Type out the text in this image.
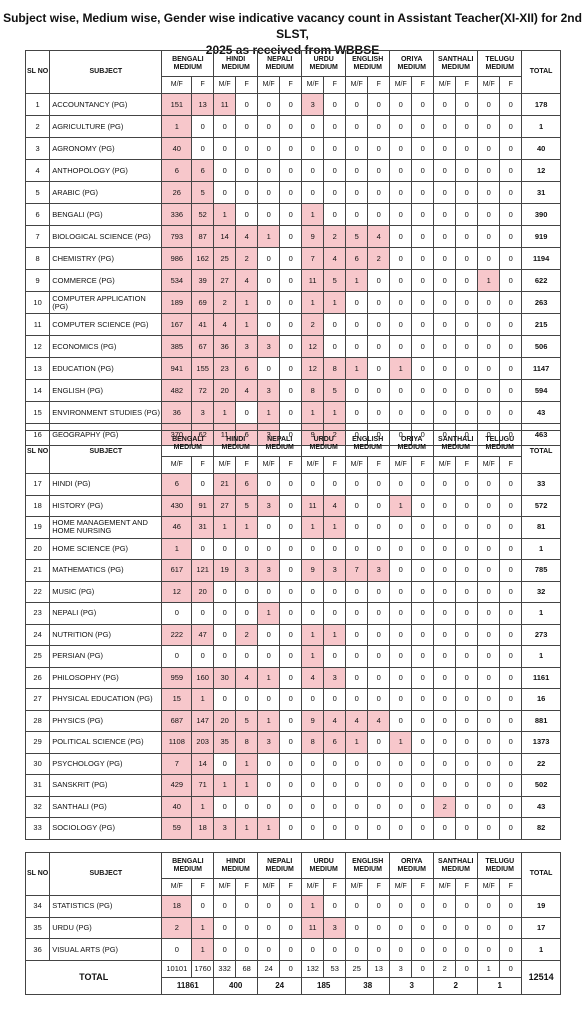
Subject wise, Medium wise, Gender wise indicative vacancy count in Assistant Teacher(XI-XII) for 2nd SLST,
2025 as received from WBBSE
SL NO	SUBJECT	BENGALI MEDIUM		HINDI MEDIUM		NEPALI MEDIUM		URDU MEDIUM		ENGLISH MEDIUM		ORIYA MEDIUM		SANTHALI MEDIUM		TELUGU MEDIUM		TOTAL
		M/F	F	M/F	F	M/F	F	M/F	F	M/F	F	M/F	F	M/F	F	M/F	F	
1	ACCOUNTANCY (PG)	151	13	11	0	0	0	3	0	0	0	0	0	0	0	0	0	178
2	AGRICULTURE (PG)	1	0	0	0	0	0	0	0	0	0	0	0	0	0	0	0	1
3	AGRONOMY (PG)	40	0	0	0	0	0	0	0	0	0	0	0	0	0	0	0	40
4	ANTHOPOLOGY (PG)	6	6	0	0	0	0	0	0	0	0	0	0	0	0	0	0	12
5	ARABIC (PG)	26	5	0	0	0	0	0	0	0	0	0	0	0	0	0	0	31
6	BENGALI (PG)	336	52	1	0	0	0	1	0	0	0	0	0	0	0	0	0	390
7	BIOLOGICAL SCIENCE (PG)	793	87	14	4	1	0	9	2	5	4	0	0	0	0	0	0	919
8	CHEMISTRY (PG)	986	162	25	2	0	0	7	4	6	2	0	0	0	0	0	0	1194
9	COMMERCE (PG)	534	39	27	4	0	0	11	5	1	0	0	0	0	0	1	0	622
10	COMPUTER APPLICATION (PG)	189	69	2	1	0	0	1	1	0	0	0	0	0	0	0	0	263
11	COMPUTER SCIENCE (PG)	167	41	4	1	0	0	2	0	0	0	0	0	0	0	0	0	215
12	ECONOMICS (PG)	385	67	36	3	3	0	12	0	0	0	0	0	0	0	0	0	506
13	EDUCATION (PG)	941	155	23	6	0	0	12	8	1	0	1	0	0	0	0	0	1147
14	ENGLISH (PG)	482	72	20	4	3	0	8	5	0	0	0	0	0	0	0	0	594
15	ENVIRONMENT STUDIES (PG)	36	3	1	0	1	0	1	1	0	0	0	0	0	0	0	0	43
16	GEOGRAPHY (PG)	370	62	11	6	3	0	9	2	0	0	0	0	0	0	0	0	463
SL NO	SUBJECT	BENGALI MEDIUM		HINDI MEDIUM		NEPALI MEDIUM		URDU MEDIUM		ENGLISH MEDIUM		ORIYA MEDIUM		SANTHALI MEDIUM		TELUGU MEDIUM		TOTAL
		M/F	F	M/F	F	M/F	F	M/F	F	M/F	F	M/F	F	M/F	F	M/F	F	
17	HINDI (PG)	6	0	21	6	0	0	0	0	0	0	0	0	0	0	0	0	33
18	HISTORY (PG)	430	91	27	5	3	0	11	4	0	0	1	0	0	0	0	0	572
19	HOME MANAGEMENT AND HOME NURSING	46	31	1	1	0	0	1	1	0	0	0	0	0	0	0	0	81
20	HOME SCIENCE (PG)	1	0	0	0	0	0	0	0	0	0	0	0	0	0	0	0	1
21	MATHEMATICS (PG)	617	121	19	3	3	0	9	3	7	3	0	0	0	0	0	0	785
22	MUSIC (PG)	12	20	0	0	0	0	0	0	0	0	0	0	0	0	0	0	32
23	NEPALI (PG)	0	0	0	0	1	0	0	0	0	0	0	0	0	0	0	0	1
24	NUTRITION (PG)	222	47	0	2	0	0	1	1	0	0	0	0	0	0	0	0	273
25	PERSIAN (PG)	0	0	0	0	0	0	1	0	0	0	0	0	0	0	0	0	1
26	PHILOSOPHY (PG)	959	160	30	4	1	0	4	3	0	0	0	0	0	0	0	0	1161
27	PHYSICAL EDUCATION (PG)	15	1	0	0	0	0	0	0	0	0	0	0	0	0	0	0	16
28	PHYSICS (PG)	687	147	20	5	1	0	9	4	4	4	0	0	0	0	0	0	881
29	POLITICAL SCIENCE (PG)	1108	203	35	8	3	0	8	6	1	0	1	0	0	0	0	0	1373
30	PSYCHOLOGY (PG)	7	14	0	1	0	0	0	0	0	0	0	0	0	0	0	0	22
31	SANSKRIT (PG)	429	71	1	1	0	0	0	0	0	0	0	0	0	0	0	0	502
32	SANTHALI (PG)	40	1	0	0	0	0	0	0	0	0	0	0	2	0	0	0	43
33	SOCIOLOGY (PG)	59	18	3	1	1	0	0	0	0	0	0	0	0	0	0	0	82
SL NO	SUBJECT	BENGALI MEDIUM		HINDI MEDIUM		NEPALI MEDIUM		URDU MEDIUM		ENGLISH MEDIUM		ORIYA MEDIUM		SANTHALI MEDIUM		TELUGU MEDIUM		TOTAL
		M/F	F	M/F	F	M/F	F	M/F	F	M/F	F	M/F	F	M/F	F	M/F	F	
34	STATISTICS (PG)	18	0	0	0	0	0	1	0	0	0	0	0	0	0	0	0	19
35	URDU (PG)	2	1	0	0	0	0	11	3	0	0	0	0	0	0	0	0	17
36	VISUAL ARTS (PG)	0	1	0	0	0	0	0	0	0	0	0	0	0	0	0	0	1
TOTAL		10101	1760	332	68	24	0	132	53	25	13	3	0	2	0	1	0	12514
		11861		400		24		185		38		3		2		1		
